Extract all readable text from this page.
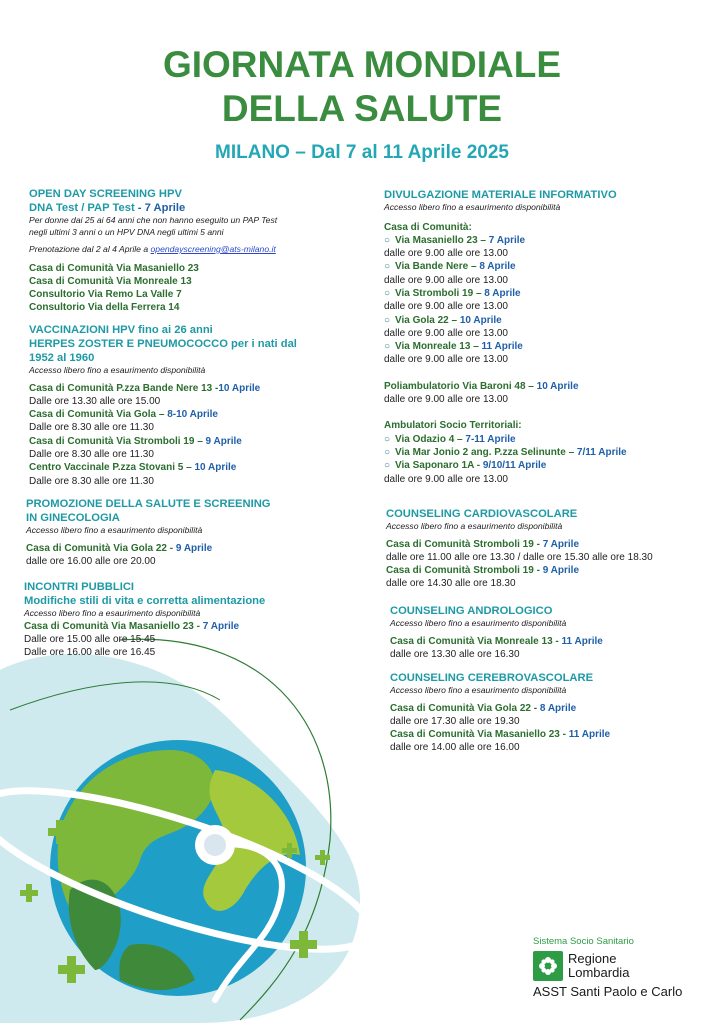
GIORNATA MONDIALE
DELLA SALUTE
MILANO – Dal 7 al 11 Aprile 2025
OPEN DAY SCREENING HPV
DNA Test / PAP Test - 7 Aprile
Per donne dai 25 ai 64 anni che non hanno eseguito un PAP Test
negli ultimi 3 anni o un HPV DNA negli ultimi 5 anni
Prenotazione dal 2 al 4 Aprile a opendayscreening@ats-milano.it
Casa di Comunità Via Masaniello 23
Casa di Comunità Via Monreale 13
Consultorio Via Remo La Valle 7
Consultorio Via della Ferrera 14
VACCINAZIONI HPV fino ai 26 anni
HERPES ZOSTER E PNEUMOCOCCO per i nati dal
1952 al 1960
Accesso libero fino a esaurimento disponibilità
Casa di Comunità P.zza Bande Nere 13 -10 Aprile
Dalle ore 13.30 alle ore 15.00
Casa di Comunità Via Gola – 8-10 Aprile
Dalle ore 8.30 alle ore 11.30
Casa di Comunità Via Stromboli 19 – 9 Aprile
Dalle ore 8.30 alle ore 11.30
Centro Vaccinale P.zza Stovani 5 – 10 Aprile
Dalle ore 8.30 alle ore 11.30
PROMOZIONE DELLA SALUTE E SCREENING
IN GINECOLOGIA
Accesso libero fino a esaurimento disponibilità
Casa di Comunità Via Gola 22 - 9 Aprile
dalle ore 16.00 alle ore 20.00
INCONTRI PUBBLICI
Modifiche stili di vita e corretta alimentazione
Accesso libero fino a esaurimento disponibilità
Casa di Comunità Via Masaniello 23 - 7 Aprile
Dalle ore 15.00 alle ore 15.45
Dalle ore 16.00 alle ore 16.45
DIVULGAZIONE MATERIALE INFORMATIVO
Accesso libero fino a esaurimento disponibilità
Casa di Comunità:
○ Via Masaniello 23 – 7 Aprile
dalle ore 9.00 alle ore 13.00
○ Via Bande Nere – 8 Aprile
dalle ore 9.00 alle ore 13.00
○ Via Stromboli 19 – 8 Aprile
dalle ore 9.00 alle ore 13.00
○ Via Gola 22 – 10 Aprile
dalle ore 9.00 alle ore 13.00
○ Via Monreale 13 – 11 Aprile
dalle ore 9.00 alle ore 13.00
Poliambulatorio Via Baroni 48 – 10 Aprile
dalle ore 9.00 alle ore 13.00
Ambulatori Socio Territoriali:
○ Via Odazio 4 – 7-11 Aprile
○ Via Mar Jonio 2 ang. P.zza Selinunte – 7/11 Aprile
○ Via Saponaro 1A - 9/10/11 Aprile
dalle ore 9.00 alle ore 13.00
COUNSELING CARDIOVASCOLARE
Accesso libero fino a esaurimento disponibilità
Casa di Comunità Stromboli 19 - 7 Aprile
dalle ore 11.00 alle ore 13.30 / dalle ore 15.30 alle ore 18.30
Casa di Comunità Stromboli 19 - 9 Aprile
dalle ore 14.30 alle ore 18.30
COUNSELING ANDROLOGICO
Accesso libero fino a esaurimento disponibilità
Casa di Comunità Via Monreale 13 - 11 Aprile
dalle ore 13.30 alle ore 16.30
COUNSELING CEREBROVASCOLARE
Accesso libero fino a esaurimento disponibilità
Casa di Comunità Via Gola 22 - 8 Aprile
dalle ore 17.30 alle ore 19.30
Casa di Comunità Via Masaniello 23 - 11 Aprile
dalle ore 14.00 alle ore 16.00
Sistema Socio Sanitario
Regione
Lombardia
ASST Santi Paolo e Carlo
